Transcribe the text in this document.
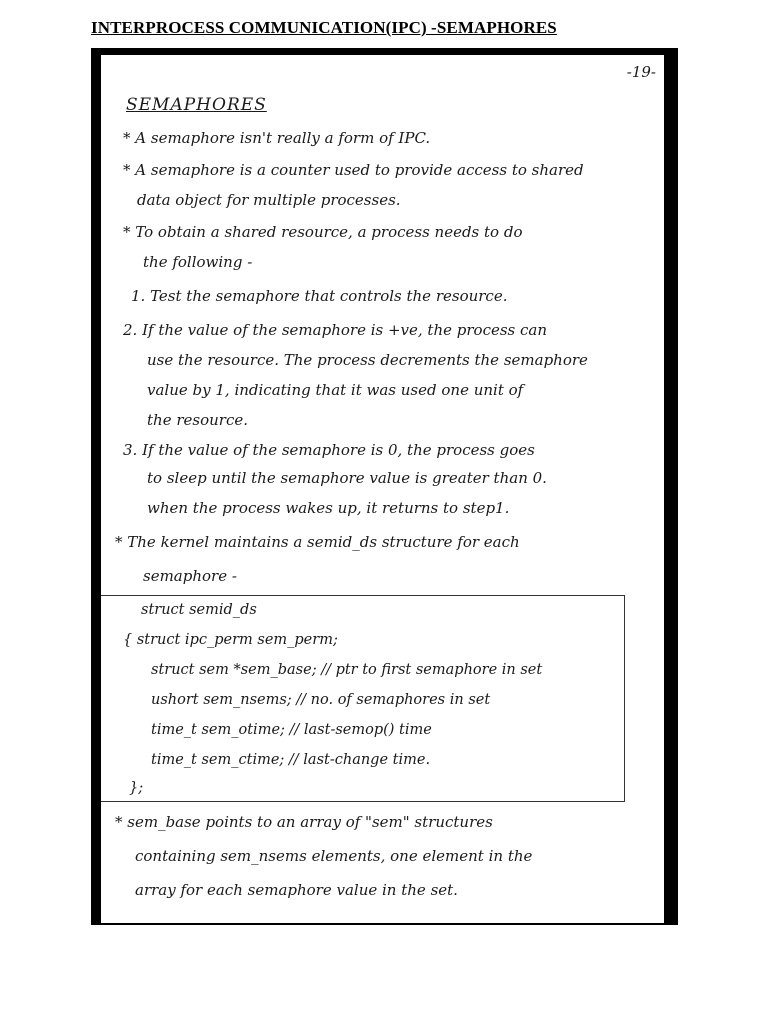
INTERPROCESS COMMUNICATION(IPC) -SEMAPHORES
-19-
SEMAPHORES
* A semaphore isn't really a form of IPC.
* A semaphore is a counter used to provide access to shared
data object for multiple processes.
* To obtain a shared resource, a process needs to do
the following -
1. Test the semaphore that controls the resource.
2. If the value of the semaphore is +ve, the process can
use the resource. The process decrements the semaphore
value by 1, indicating that it was used one unit of
the resource.
3. If the value of the semaphore is 0, the process goes
to sleep until the semaphore value is greater than 0.
when the process wakes up, it returns to step1.
* The kernel maintains a semid_ds structure for each
semaphore -
struct semid_ds
{ struct ipc_perm sem_perm;
struct sem *sem_base; // ptr to first semaphore in set
ushort sem_nsems; // no. of semaphores in set
time_t sem_otime; // last-semop() time
time_t sem_ctime; // last-change time.
};
* sem_base points to an array of "sem" structures
containing sem_nsems elements, one element in the
array for each semaphore value in the set.
